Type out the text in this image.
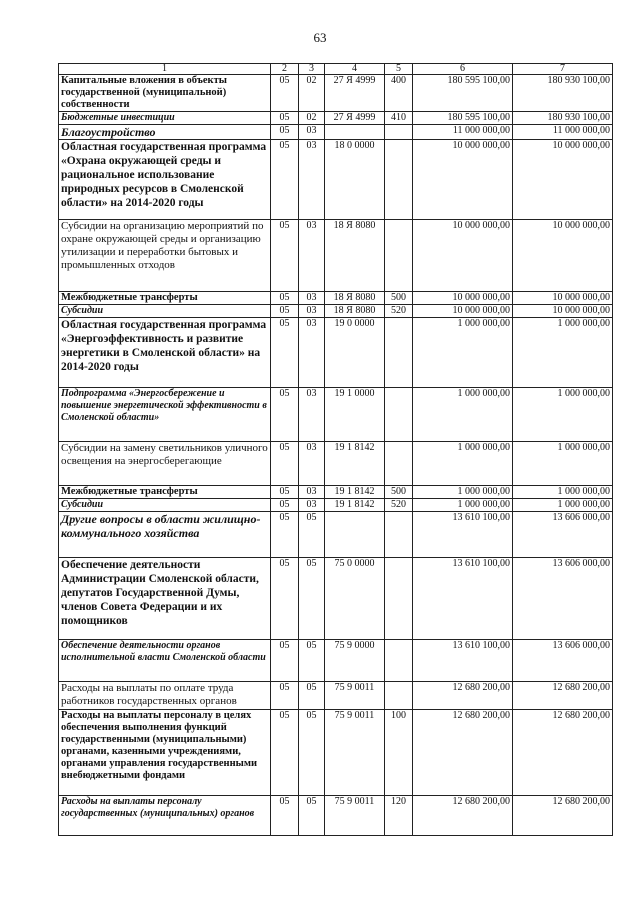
63
1	2	3	4	5	6	7
Капитальные вложения в объекты государственной (муниципальной) собственности	05	02	27 Я 4999	400	180 595 100,00	180 930 100,00
Бюджетные инвестиции	05	02	27 Я 4999	410	180 595 100,00	180 930 100,00
Благоустройство	05	03			11 000 000,00	11 000 000,00
Областная государственная программа «Охрана окружающей среды и рациональное использование природных ресурсов в Смоленской области» на 2014-2020 годы	05	03	18 0 0000		10 000 000,00	10 000 000,00
Субсидии на организацию мероприятий по охране окружающей среды и организацию утилизации и переработки бытовых и промышленных отходов	05	03	18 Я 8080		10 000 000,00	10 000 000,00
Межбюджетные трансферты	05	03	18 Я 8080	500	10 000 000,00	10 000 000,00
Субсидии	05	03	18 Я 8080	520	10 000 000,00	10 000 000,00
Областная государственная программа «Энергоэффективность и развитие энергетики в Смоленской области» на 2014-2020 годы	05	03	19 0 0000		1 000 000,00	1 000 000,00
Подпрограмма «Энергосбережение и повышение энергетической эффективности в Смоленской области»	05	03	19 1 0000		1 000 000,00	1 000 000,00
Субсидии на замену светильников уличного освещения на энергосберегающие	05	03	19 1 8142		1 000 000,00	1 000 000,00
Межбюджетные трансферты	05	03	19 1 8142	500	1 000 000,00	1 000 000,00
Субсидии	05	03	19 1 8142	520	1 000 000,00	1 000 000,00
Другие вопросы в области жилищно-коммунального хозяйства	05	05			13 610 100,00	13 606 000,00
Обеспечение деятельности Администрации Смоленской области, депутатов Государственной Думы, членов Совета Федерации и их помощников	05	05	75 0 0000		13 610 100,00	13 606 000,00
Обеспечение деятельности органов исполнительной власти Смоленской области	05	05	75 9 0000		13 610 100,00	13 606 000,00
Расходы на выплаты по оплате труда работников государственных органов	05	05	75 9 0011		12 680 200,00	12 680 200,00
Расходы на выплаты персоналу в целях обеспечения выполнения функций государственными (муниципальными) органами, казенными учреждениями, органами управления государственными внебюджетными фондами	05	05	75 9 0011	100	12 680 200,00	12 680 200,00
Расходы на выплаты персоналу государственных (муниципальных) органов	05	05	75 9 0011	120	12 680 200,00	12 680 200,00
